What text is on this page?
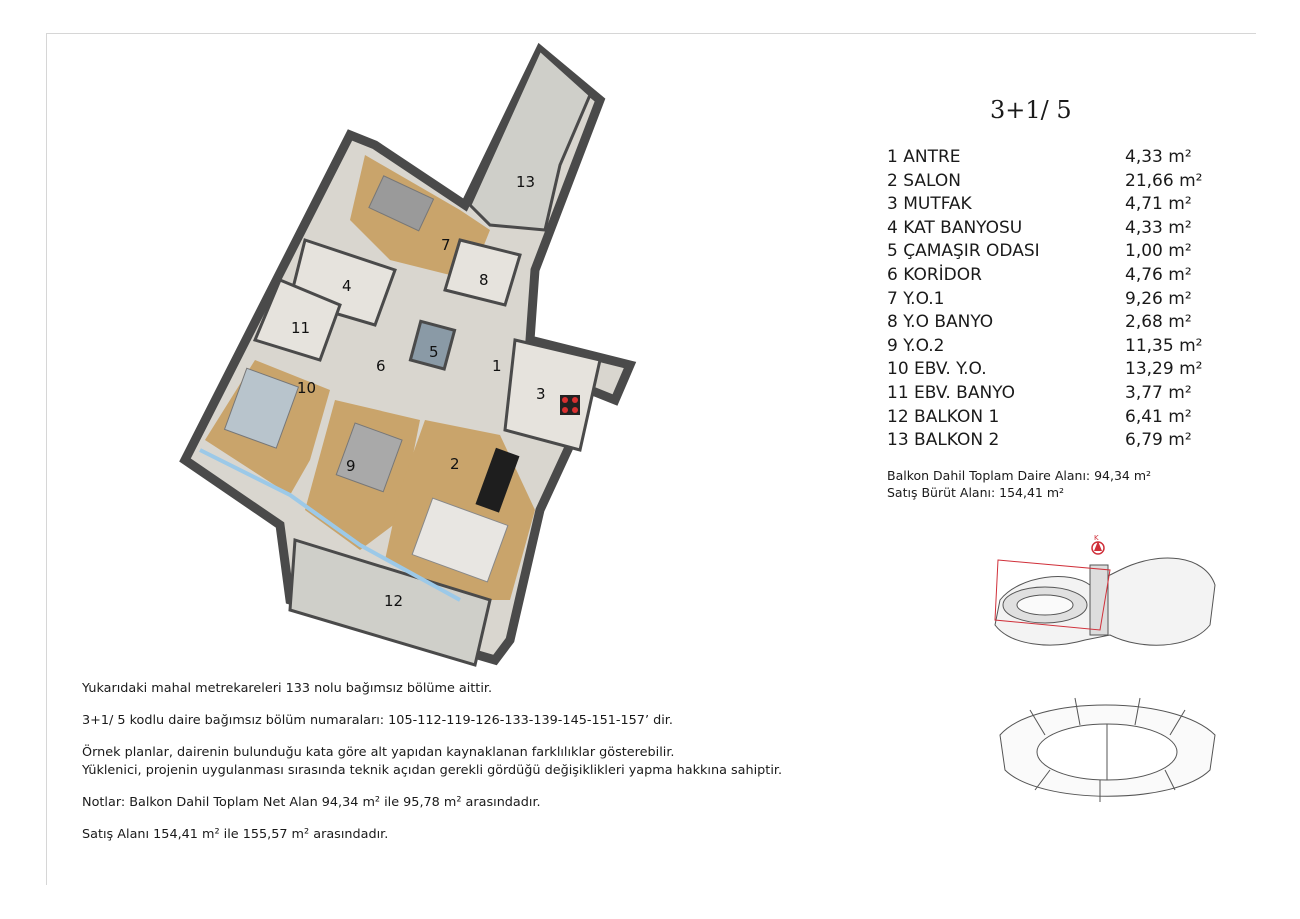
1
2
3
4
5
6
7
8
9
10
11
12
13
3+1/ 5
1 ANTRE	4,33 m²
2 SALON	21,66 m²
3 MUTFAK	4,71 m²
4 KAT BANYOSU	4,33 m²
5 ÇAMAŞIR ODASI	1,00 m²
6 KORİDOR	4,76 m²
7 Y.O.1	9,26 m²
8 Y.O BANYO	2,68 m²
9 Y.O.2	11,35 m²
10 EBV. Y.O.	13,29 m²
11 EBV. BANYO	3,77 m²
12 BALKON 1	6,41 m²
13 BALKON 2	6,79 m²
Balkon Dahil Toplam Daire Alanı: 94,34 m²
Satış Bürüt Alanı: 154,41 m²
K

Yukarıdaki mahal metrekareleri 133 nolu bağımsız bölüme aittir.

3+1/ 5 kodlu daire bağımsız bölüm numaraları: 105-112-119-126-133-139-145-151-157’ dir.

Örnek planlar, dairenin bulunduğu kata göre alt yapıdan kaynaklanan farklılıklar gösterebilir.
Yüklenici, projenin uygulanması sırasında teknik açıdan gerekli gördüğü değişiklikleri yapma hakkına sahiptir.

Notlar: Balkon Dahil Toplam Net Alan 94,34 m² ile 95,78 m² arasındadır.

Satış Alanı 154,41 m² ile 155,57 m² arasındadır.
